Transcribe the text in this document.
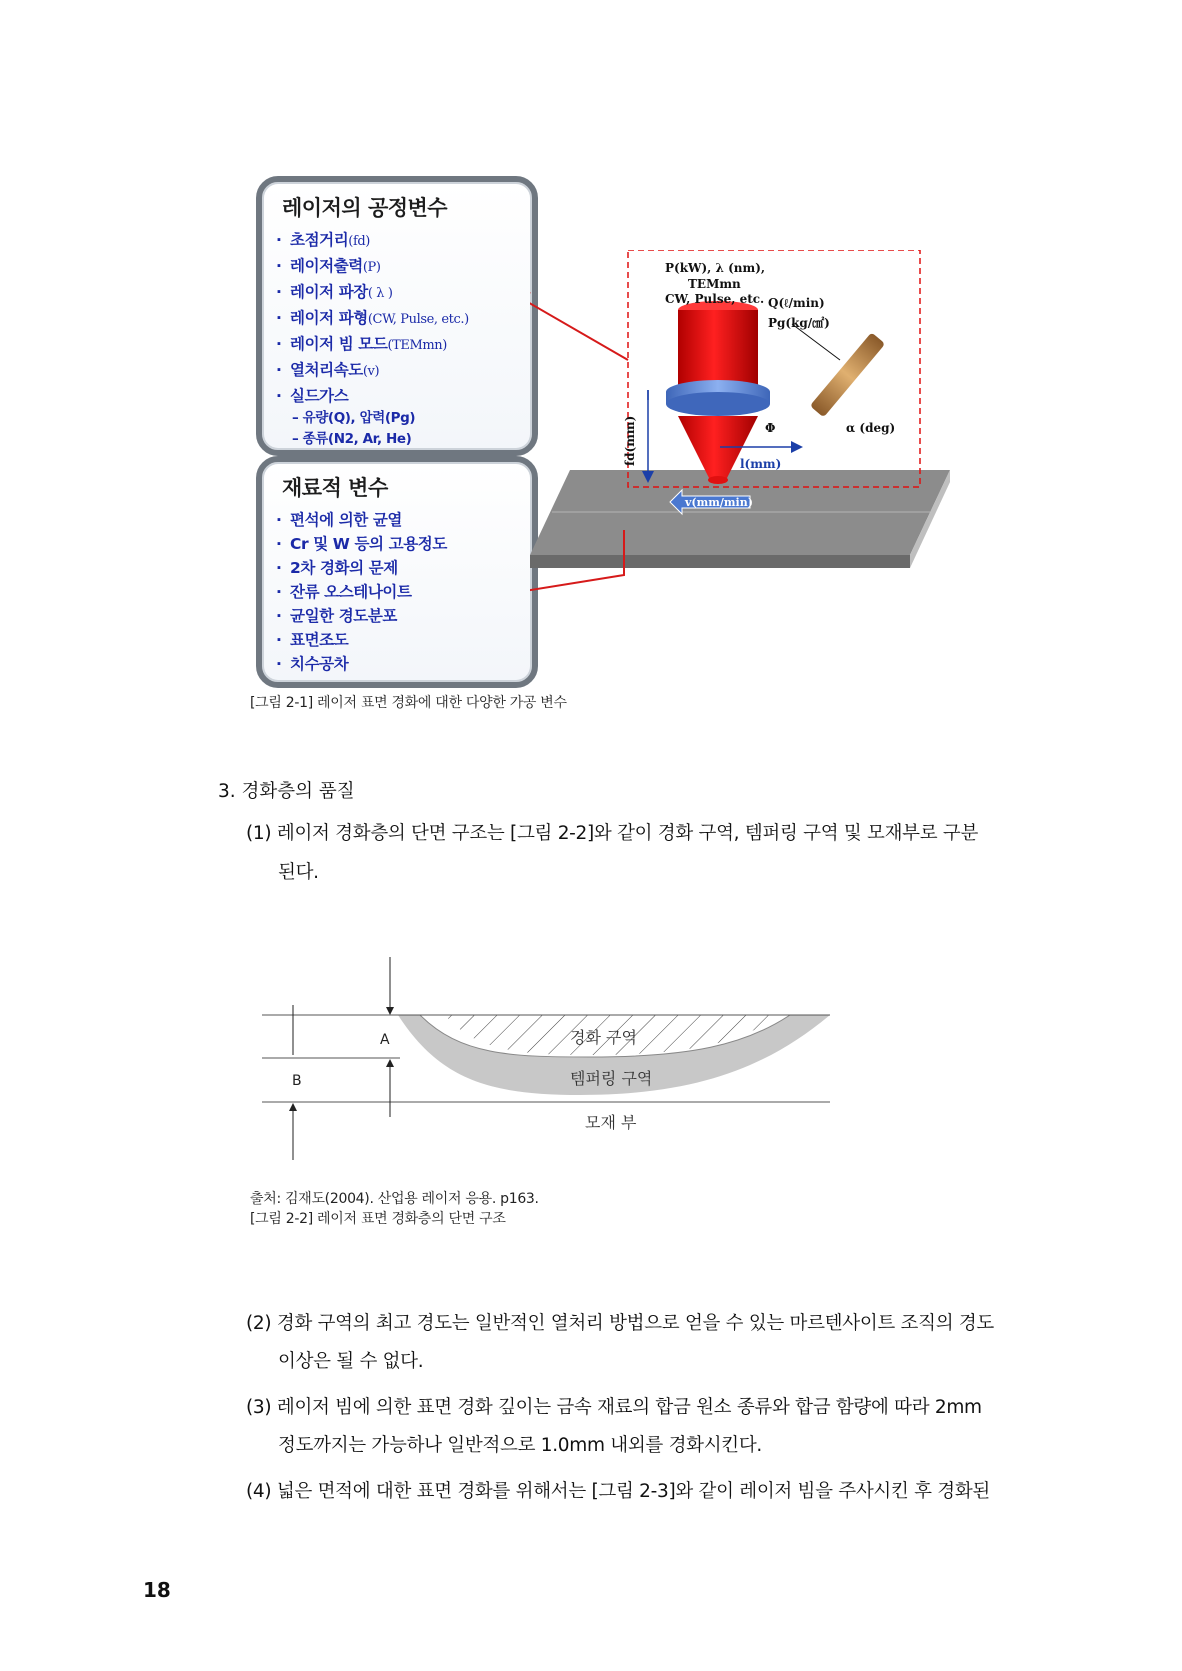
레이저의 공정변수
· 초점거리(fd)
· 레이저출력(P)
· 레이저 파장( λ )
· 레이저 파형(CW, Pulse, etc.)
· 레이저 빔 모드(TEMmn)
· 열처리속도(v)
· 실드가스
– 유량(Q), 압력(Pg)
– 종류(N2, Ar, He)
재료적 변수
· 편석에 의한 균열
· Cr 및 W 등의 고용정도
· 2차 경화의 문제
· 잔류 오스테나이트
· 균일한 경도분포
· 표면조도
· 치수공차
P(kW), λ (nm),
TEMmn
CW, Pulse, etc. Q(ℓ/min)
Pg(kg/㎠)
α (deg)
Φ
fd(mm)	l(mm)
v(mm/min)
[그림 2-1] 레이저 표면 경화에 대한 다양한 가공 변수
3. 경화층의 품질
(1) 레이저 경화층의 단면 구조는 [그림 2-2]와 같이 경화 구역, 템퍼링 구역 및 모재부로 구분
된다.
A
B
경화 구역
템퍼링 구역
모재 부
출처: 김재도(2004). 산업용 레이저 응용. p163.
[그림 2-2] 레이저 표면 경화층의 단면 구조
(2) 경화 구역의 최고 경도는 일반적인 열처리 방법으로 얻을 수 있는 마르텐사이트 조직의 경도
이상은 될 수 없다.
(3) 레이저 빔에 의한 표면 경화 깊이는 금속 재료의 합금 원소 종류와 합금 함량에 따라 2mm
정도까지는 가능하나 일반적으로 1.0mm 내외를 경화시킨다.
(4) 넓은 면적에 대한 표면 경화를 위해서는 [그림 2-3]와 같이 레이저 빔을 주사시킨 후 경화된
18
